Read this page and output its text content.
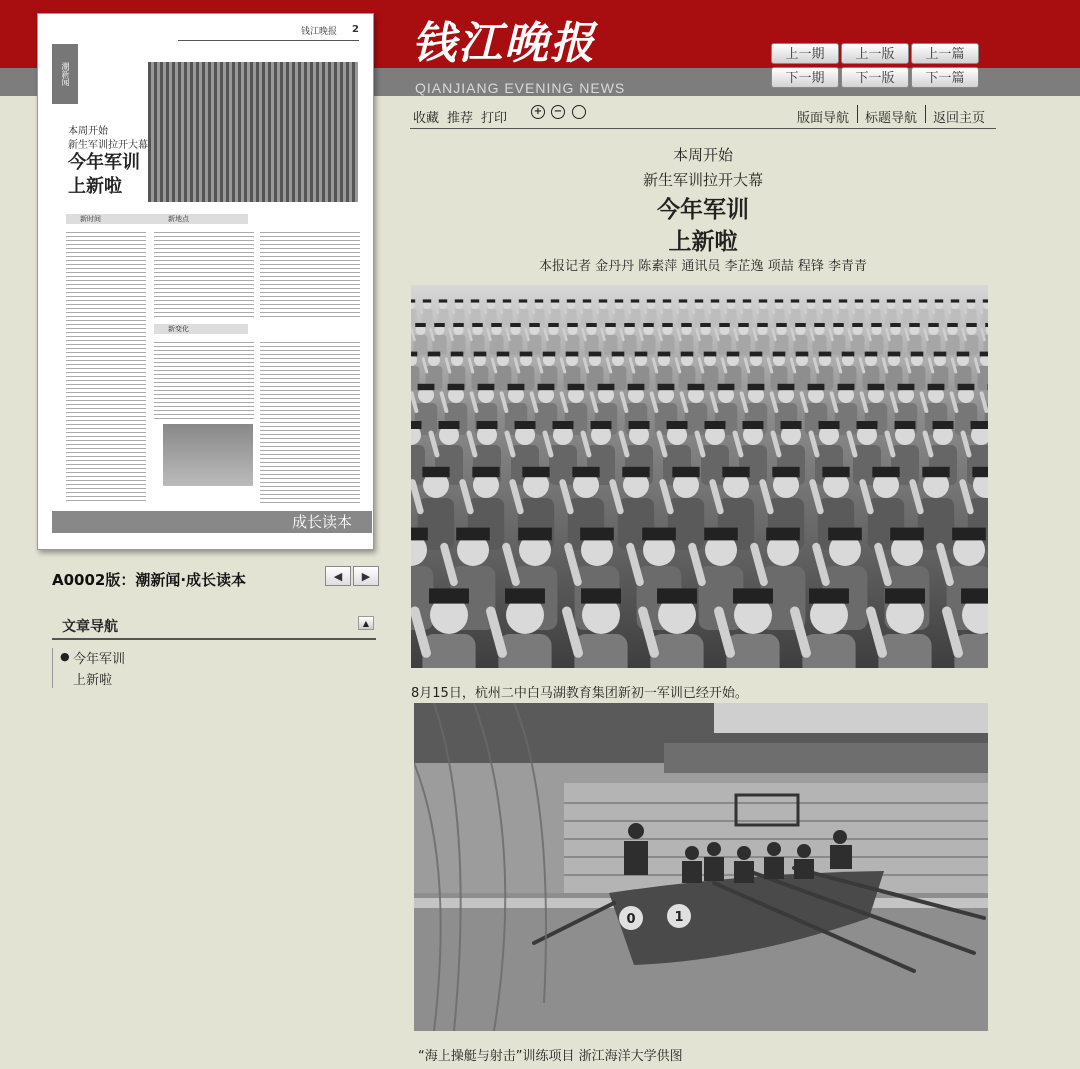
钱江晚报
QIANJIANG EVENING NEWS
上一期	上一版	上一篇
下一期	下一版	下一篇
钱江晚报 2
潮新闻
本周开始
新生军训拉开大幕
今年军训
上新啦
新时间	新地点
新变化
成长读本
A0002版：潮新闻·成长读本	◀	▶
文章导航	▲
● 今年军训
上新啦
收藏 推荐 打印	+ −	版面导航 标题导航 返回主页
本周开始
新生军训拉开大幕
今年军训
上新啦
本报记者 金丹丹 陈素萍 通讯员 李芷逸 项喆 程锋 李青青
8月15日，杭州二中白马湖教育集团新初一军训已经开始。
0	1
“海上操艇与射击”训练项目 浙江海洋大学供图
